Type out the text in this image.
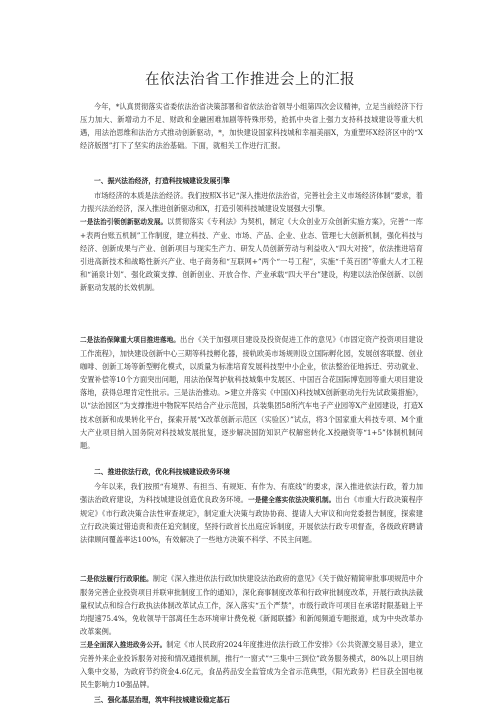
在依法治省工作推进会上的汇报

今年，*认真贯彻落实省委依法治省决策部署和省依法治省领导小组第四次会议精神，立足当前经济下行压力加大、新增动力不足、财政和金融困难加剧等特殊形势，抢抓中央省上强力支持科技城建设等重大机遇，用法治思维和法治方式推动创新驱动，*，加快建设国家科技城和幸福美丽X，为重塑环X经济区中的“X经济版图”打下了坚实的法治基础。下面，就相关工作进行汇报。

一、振兴法治经济，打造科技城建设发展引擎

市场经济的本质是法治经济。我们按照X书记“深入推进依法治省，完善社会主义市场经济体制”要求，着力振兴法治经济，深入推进创新驱动和X，打造引领科技城建设发展强大引擎。

一是法治引领创新驱动发展。以贯彻落实《专利法》为契机，制定《大众创业万众创新实施方案》，完善“一库+表两台账五机制”工作制度，建立科技、产业、市场、产品、企业、业态、管理七大创新机制，强化科技与经济、创新成果与产业、创新项目与现实生产力、研发人员创新劳动与利益收入“四大对接”，依法推进培育引进高新技术和战略性新兴产业、电子商务和“互联网+”两个“一号工程”，实施“千英百团”等重大人才工程和“涌泉计划”、强化政策支撑、创新创业、开放合作、产业承载“四大平台”建设，构建以法治保创新、以创新驱动发展的长效机制。

二是法治保障重大项目推进落地。出台《关于加强项目建设及投资促进工作的意见》《市固定资产投资项目建设工作流程》，加快建设创新中心三期等科技孵化器，接轨欧美市场规则设立国际孵化园，发展创客联盟、创业咖啡、创新工场等新型孵化模式，以质量为标准培育发展科技型中小企业，依法整治征地拆迁、劳动就业、安置补偿等10个方面突出问题，用法治保驾护航科技城集中发展区、中国百合花国际博览园等重大项目建设落地，获得总理肯定性批示。三是法治推动。>建立并落实《中国(X)科技城X创新驱动先行先试政策措施》，以“法治园区”为支撑推进中物院军民结合产业示范园，兵装集团58所汽车电子产业园等X产业园建设，打造X技术创新和成果转化平台，探索开展“X改革创新示范区（实验区）”试点，将3个国家重大科技专项、M个重大产业项目纳入国务院对科技城发展批复，逐步解决国防知识产权解密转化.X投融资等“1+5”体制机制问题。

二、推进依法行政，优化科技城建设政务环境

今年以来，我们按照“有境界、有担当、有规矩、有作为、有底线”的要求，深入推进依法行政，着力加强法治政府建设，为科技城建设创造优良政务环境。一是健全落实依法决策机制。出台《市重大行政决策程序规定》《市行政决策合法性审查规定》，制定重大决策与政协协商、提请人大审议和向党委报告制度，探索建立行政决策过错追责和责任追究制度，坚持行政首长出庭应诉制度，开展依法行政专项督查，各级政府聘请法律顾问覆盖率达100%，有效解决了一些地方决策不科学、不民主问题。

二是依法履行行政职能。制定《深入推进依法行政加快建设法治政府的意见》《关于做好精简审批事项规范中介服务完善企业投资项目并联审批制度工作的通知》，深化商事制度改革和行政审批制度改革，开展行政执法裁量权试点和综合行政执法体制改革试点工作，深入落实“五个严禁”，市级行政许可项目在承诺时限基础上平均提速75.4%，免收领导干部离任生态环境审计费免税《新闻联播》和新闻频道专题报道，成为中央改革办改革案例。

三是全面深入推进政务公开。制定《市人民政府2024年度推进依法行政工作安排》《公共资源交易目录》，建立完善外来企业投诉服务对接和情况通报机制，推行“一窗式”“三集中三到位”政务服务模式，80%以上项目纳入集中交易，为政府节约资金4.6亿元，食品药品安全监管成为全省示范典型，《阳光政务》栏目获全国电视民生影响力10强品牌。

三、强化基层治理，筑牢科技城建设稳定基石
